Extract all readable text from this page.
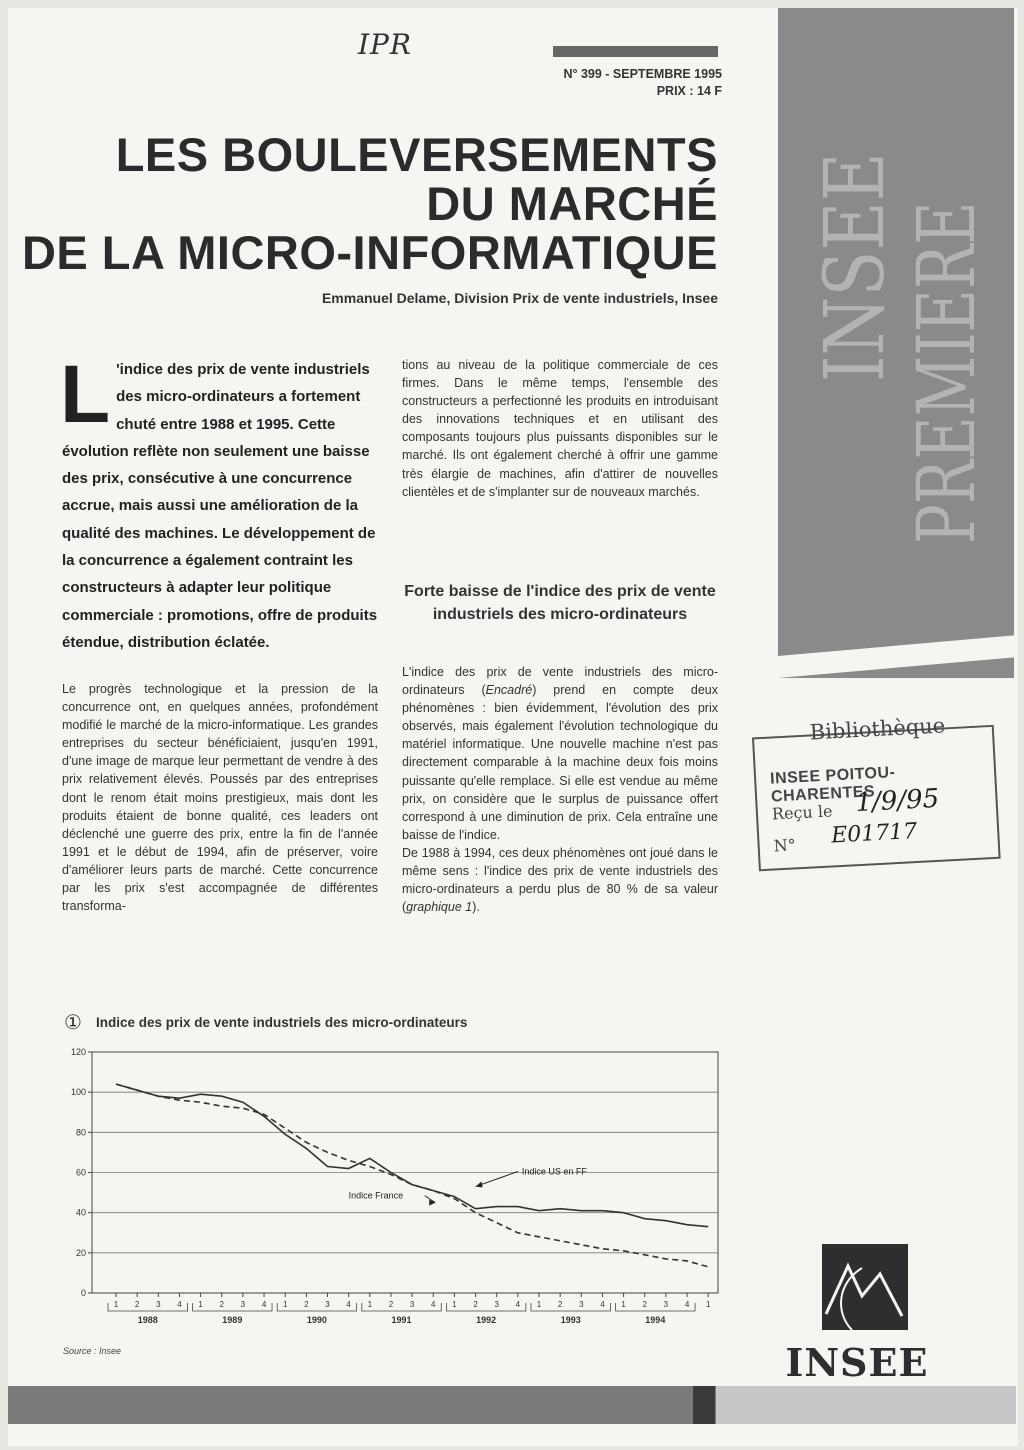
IPR
N° 399 - SEPTEMBRE 1995
PRIX : 14 F
INSEE
PREMIERE
LES BOULEVERSEMENTS
DU MARCHÉ
DE LA MICRO-INFORMATIQUE
Emmanuel Delame, Division Prix de vente industriels, Insee
L 'indice des prix de vente industriels des micro-ordinateurs a fortement chuté entre 1988 et 1995. Cette évolution reflète non seulement une baisse des prix, consécutive à une concurrence accrue, mais aussi une amélioration de la qualité des machines. Le développement de la concurrence a également contraint les constructeurs à adapter leur politique commerciale : promotions, offre de produits étendue, distribution éclatée.
Le progrès technologique et la pression de la concurrence ont, en quelques années, profondément modifié le marché de la micro-informatique. Les grandes entreprises du secteur bénéficiaient, jusqu'en 1991, d'une image de marque leur permettant de vendre à des prix relativement élevés. Poussés par des entreprises dont le renom était moins prestigieux, mais dont les produits étaient de bonne qualité, ces leaders ont déclenché une guerre des prix, entre la fin de l'année 1991 et le début de 1994, afin de préserver, voire d'améliorer leurs parts de marché. Cette concurrence par les prix s'est accompagnée de différentes transforma-
tions au niveau de la politique commerciale de ces firmes. Dans le même temps, l'ensemble des constructeurs a perfectionné les produits en introduisant des innovations techniques et en utilisant des composants toujours plus puissants disponibles sur le marché. Ils ont également cherché à offrir une gamme très élargie de machines, afin d'attirer de nouvelles clientèles et de s'implanter sur de nouveaux marchés.
Forte baisse de l'indice des prix de vente industriels des micro-ordinateurs

L'indice des prix de vente industriels des micro-ordinateurs (Encadré) prend en compte deux phénomènes : bien évidemment, l'évolution des prix observés, mais également l'évolution technologique du matériel informatique. Une nouvelle machine n'est pas directement comparable à la machine deux fois moins puissante qu'elle remplace. Si elle est vendue au même prix, on considère que le surplus de puissance offert correspond à une diminution de prix. Cela entraîne une baisse de l'indice.

De 1988 à 1994, ces deux phénomènes ont joué dans le même sens : l'indice des prix de vente industriels des micro-ordinateurs a perdu plus de 80 % de sa valeur (graphique 1).

Bibliothèque
INSEE POITOU-CHARENTES
Reçu le 1/9/95
N° E01717
① Indice des prix de vente industriels des micro-ordinateurs
0
20
40
60
80
100
120
1 2 3 4 1 2 3 4 1 2 3 4 1 2 3 4 1 2 3 4 1 2 3 4 1 2 3 4 1
1988	1989	1990	1991	1992	1993	1994
Indice France
Indice US en FF
Source : Insee	INSEE
